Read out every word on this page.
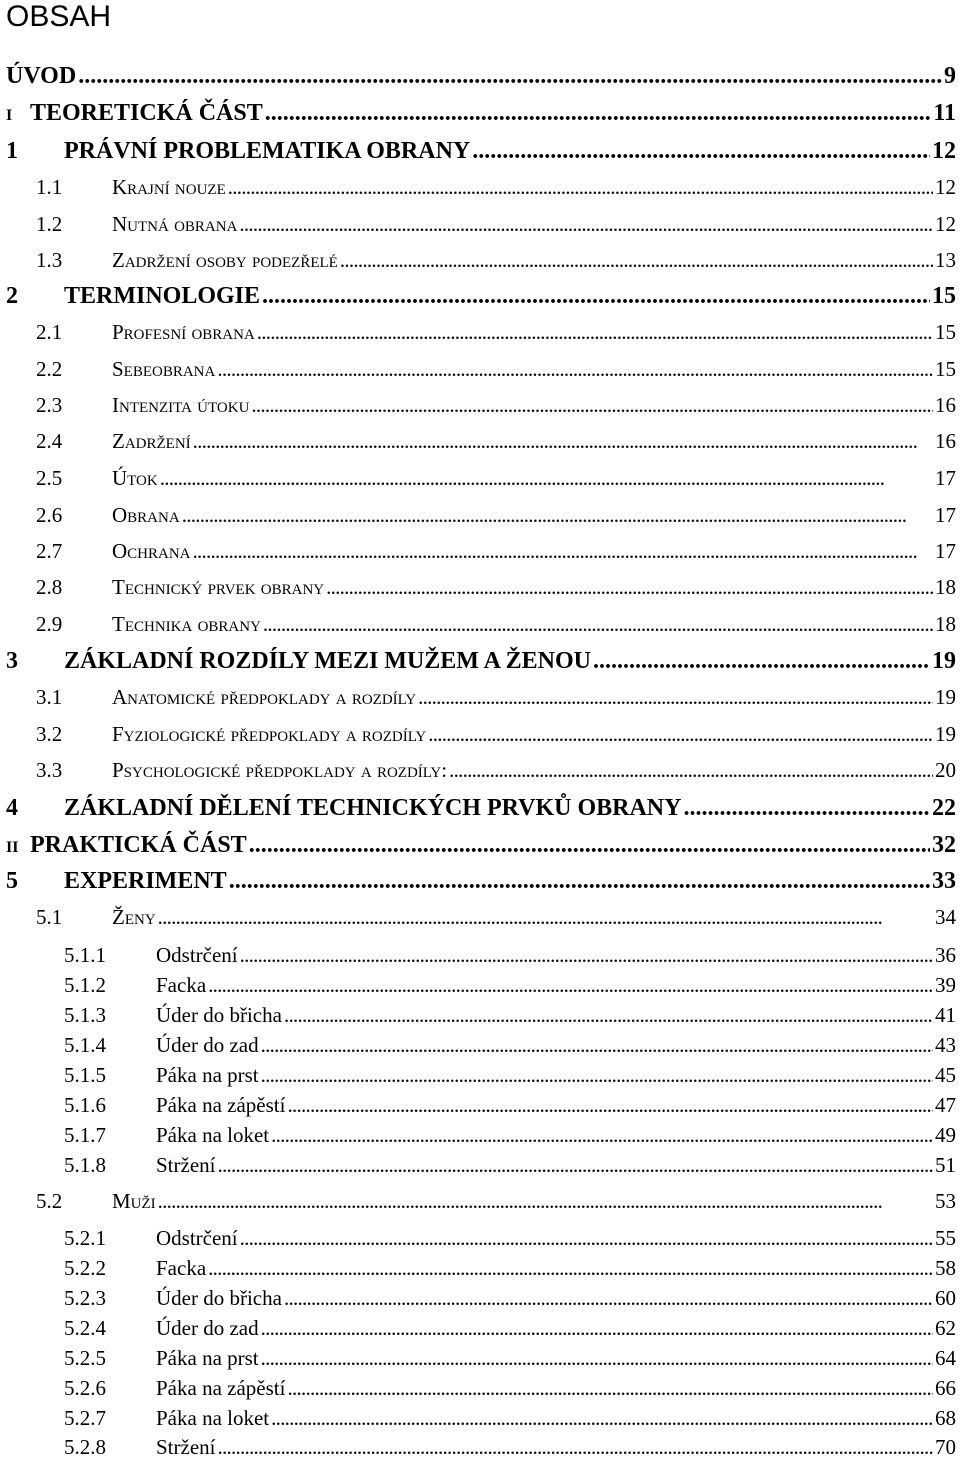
OBSAH
ÚVOD . . .	9
I TEORETICKÁ ČÁST . . .	11
1	PRÁVNÍ PROBLEMATIKA OBRANY . . .	12
1.1	Krajní nouze . . .	12
1.2	Nutná obrana . . .	12
1.3	Zadržení osoby podezřelé . . .	13
2	TERMINOLOGIE . . .	15
2.1	Profesní obrana . . .	15
2.2	Sebeobrana . . .	15
2.3	Intenzita útoku . . .	16
2.4	Zadržení . . .	16
2.5	Útok . . .	17
2.6	Obrana . . .	17
2.7	Ochrana . . .	17
2.8	Technický prvek obrany . . .	18
2.9	Technika obrany . . .	18
3	ZÁKLADNÍ ROZDÍLY MEZI MUŽEM A ŽENOU . . .	19
3.1	Anatomické předpoklady a rozdíly . . .	19
3.2	Fyziologické předpoklady a rozdíly . . .	19
3.3	Psychologické předpoklady a rozdíly: . . .	20
4	ZÁKLADNÍ DĚLENÍ TECHNICKÝCH PRVKŮ OBRANY . . .	22
II PRAKTICKÁ ČÁST . . .	32
5	EXPERIMENT . . .	33
5.1	Ženy . . .	34
5.1.1	Odstrčení . . .	36
5.1.2	Facka . . .	39
5.1.3	Úder do břicha . . .	41
5.1.4	Úder do zad . . .	43
5.1.5	Páka na prst . . .	45
5.1.6	Páka na zápěstí . . .	47
5.1.7	Páka na loket . . .	49
5.1.8	Stržení . . .	51
5.2	Muži . . .	53
5.2.1	Odstrčení . . .	55
5.2.2	Facka . . .	58
5.2.3	Úder do břicha . . .	60
5.2.4	Úder do zad . . .	62
5.2.5	Páka na prst . . .	64
5.2.6	Páka na zápěstí . . .	66
5.2.7	Páka na loket . . .	68
5.2.8	Stržení . . .	70
